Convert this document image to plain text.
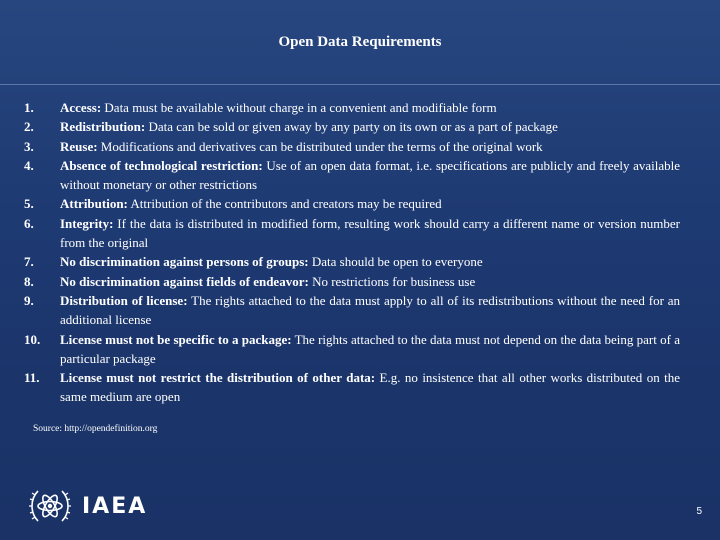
Open Data Requirements
1.	Access: Data must be available without charge in a convenient and modifiable form
2.	Redistribution: Data can be sold or given away by any party on its own or as a part of package
3.	Reuse: Modifications and derivatives can be distributed under the terms of the original work
4.	Absence of technological restriction: Use of an open data format, i.e. specifications are publicly and freely available without monetary or other restrictions
5.	Attribution: Attribution of the contributors and creators may be required
6.	Integrity: If the data is distributed in modified form, resulting work should carry a different name or version number from the original
7.	No discrimination against persons of groups: Data should be open to everyone
8.	No discrimination against fields of endeavor: No restrictions for business use
9.	Distribution of license: The rights attached to the data must apply to all of its redistributions without the need for an additional license
10.	License must not be specific to a package: The rights attached to the data must not depend on the data being part of a particular package
11.	License must not restrict the distribution of other data: E.g. no insistence that all other works distributed on the same medium are open
Source: http://opendefinition.org
IAEA	5
